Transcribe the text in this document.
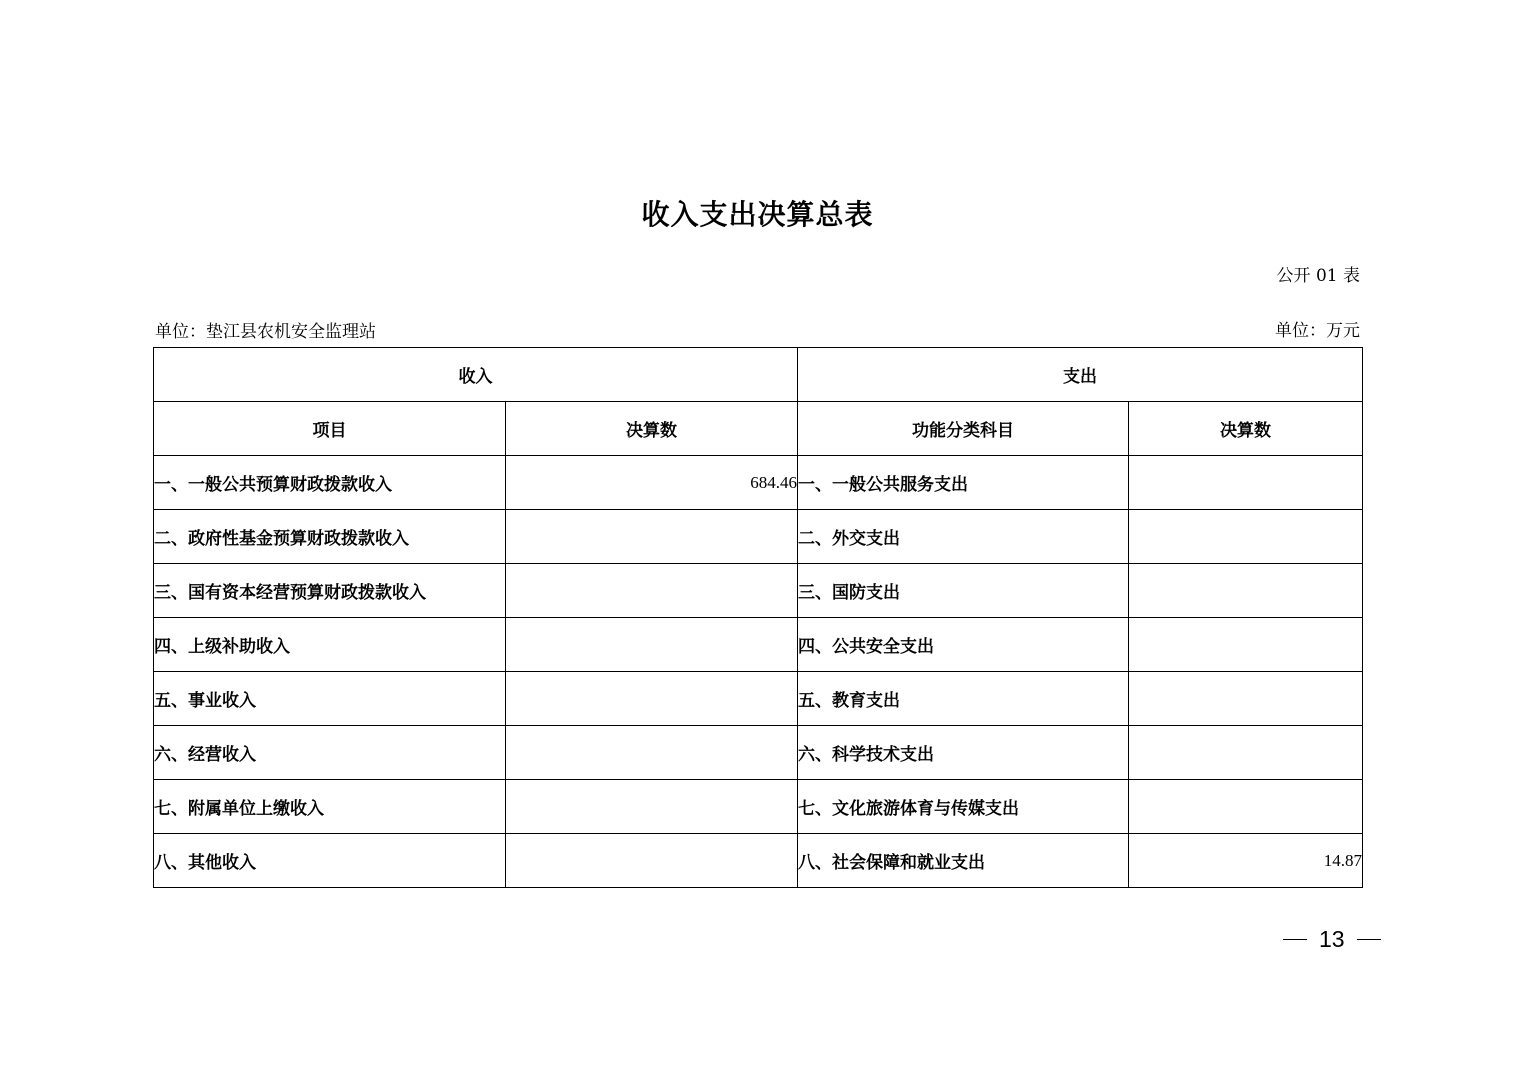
收入支出决算总表
公开 01 表
单位：垫江县农机安全监理站	单位：万元
收入		支出	
项目	决算数	功能分类科目	决算数
一、一般公共预算财政拨款收入	684.46	一、一般公共服务支出	
二、政府性基金预算财政拨款收入		二、外交支出	
三、国有资本经营预算财政拨款收入		三、国防支出	
四、上级补助收入		四、公共安全支出	
五、事业收入		五、教育支出	
六、经营收入		六、科学技术支出	
七、附属单位上缴收入		七、文化旅游体育与传媒支出	
八、其他收入		八、社会保障和就业支出	14.87
13
